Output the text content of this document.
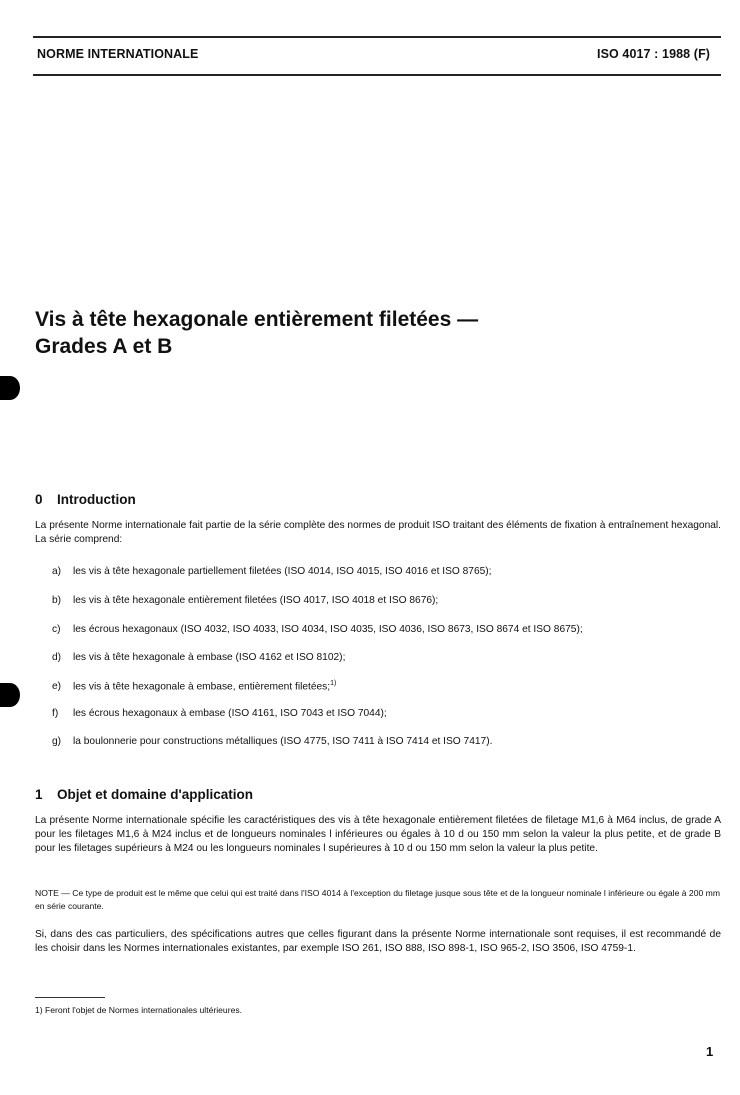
NORME INTERNATIONALE	ISO 4017 : 1988 (F)
Vis à tête hexagonale entièrement filetées —
Grades A et B
0 Introduction

La présente Norme internationale fait partie de la série complète des normes de produit ISO traitant des éléments de fixation à entraînement hexagonal. La série comprend:

a) les vis à tête hexagonale partiellement filetées (ISO 4014, ISO 4015, ISO 4016 et ISO 8765);

b) les vis à tête hexagonale entièrement filetées (ISO 4017, ISO 4018 et ISO 8676);

c) les écrous hexagonaux (ISO 4032, ISO 4033, ISO 4034, ISO 4035, ISO 4036, ISO 8673, ISO 8674 et ISO 8675);

d) les vis à tête hexagonale à embase (ISO 4162 et ISO 8102);

e) les vis à tête hexagonale à embase, entièrement filetées;$^{1)}$

f) les écrous hexagonaux à embase (ISO 4161, ISO 7043 et ISO 7044);

g) la boulonnerie pour constructions métalliques (ISO 4775, ISO 7411 à ISO 7414 et ISO 7417).

1 Objet et domaine d'application

La présente Norme internationale spécifie les caractéristiques des vis à tête hexagonale entièrement filetées de filetage M1,6 à M64 inclus, de grade A pour les filetages M1,6 à M24 inclus et de longueurs nominales l inférieures ou égales à 10 d ou 150 mm selon la valeur la plus petite, et de grade B pour les filetages supérieurs à M24 ou les longueurs nominales l supérieures à 10 d ou 150 mm selon la valeur la plus petite.

NOTE — Ce type de produit est le même que celui qui est traité dans l'ISO 4014 à l'exception du filetage jusque sous tête et de la longueur nominale l inférieure ou égale à 200 mm en série courante.

Si, dans des cas particuliers, des spécifications autres que celles figurant dans la présente Norme internationale sont requises, il est recommandé de les choisir dans les Normes internationales existantes, par exemple ISO 261, ISO 888, ISO 898-1, ISO 965-2, ISO 3506, ISO 4759-1.

1) Feront l'objet de Normes internationales ultérieures.

1
